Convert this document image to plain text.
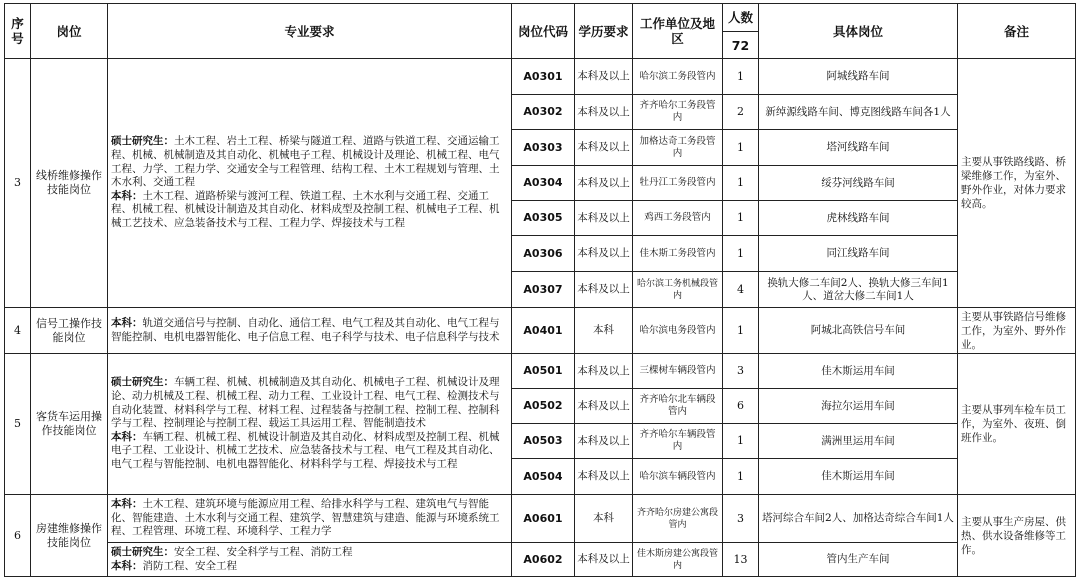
序号	岗位	专业要求	岗位代码	学历要求	工作单位及地区	人数	具体岗位	备注
						72		
3	线桥维修操作技能岗位	硕士研究生：土木工程、岩土工程、桥梁与隧道工程、道路与铁道工程、交通运输工程、机械、机械制造及其自动化、机械电子工程、机械设计及理论、机械工程、电气工程、力学、工程力学、交通安全与工程管理、结构工程、土木工程规划与管理、土木水利、交通工程
本科：土木工程、道路桥梁与渡河工程、铁道工程、土木水利与交通工程、交通工程、机械工程、机械设计制造及其自动化、材料成型及控制工程、机械电子工程、机械工艺技术、应急装备技术与工程、工程力学、焊接技术与工程	A0301	本科及以上	哈尔滨工务段管内	1	阿城线路车间	主要从事铁路线路、桥梁维修工作，为室外、野外作业，对体力要求较高。
			A0302	本科及以上	齐齐哈尔工务段管内	2	新绰源线路车间、博克图线路车间各1人	
			A0303	本科及以上	加格达奇工务段管内	1	塔河线路车间	
			A0304	本科及以上	牡丹江工务段管内	1	绥芬河线路车间	
			A0305	本科及以上	鸡西工务段管内	1	虎林线路车间	
			A0306	本科及以上	佳木斯工务段管内	1	同江线路车间	
			A0307	本科及以上	哈尔滨工务机械段管内	4	换轨大修二车间2人、换轨大修三车间1人、道岔大修二车间1人	
4	信号工操作技能岗位	本科：轨道交通信号与控制、自动化、通信工程、电气工程及其自动化、电气工程与智能控制、电机电器智能化、电子信息工程、电子科学与技术、电子信息科学与技术	A0401	本科	哈尔滨电务段管内	1	阿城北高铁信号车间	主要从事铁路信号维修工作，为室外、野外作业。
5	客货车运用操作技能岗位	硕士研究生：车辆工程、机械、机械制造及其自动化、机械电子工程、机械设计及理论、动力机械及工程、机械工程、动力工程、工业设计工程、电气工程、检测技术与自动化装置、材料科学与工程、材料工程、过程装备与控制工程、控制工程、控制科学与工程、控制理论与控制工程、载运工具运用工程、智能制造技术
本科：车辆工程、机械工程、机械设计制造及其自动化、材料成型及控制工程、机械电子工程、工业设计、机械工艺技术、应急装备技术与工程、电气工程及其自动化、电气工程与智能控制、电机电器智能化、材料科学与工程、焊接技术与工程	A0501	本科及以上	三棵树车辆段管内	3	佳木斯运用车间	主要从事列车检车员工作，为室外、夜班、倒班作业。
			A0502	本科及以上	齐齐哈尔北车辆段管内	6	海拉尔运用车间	
			A0503	本科及以上	齐齐哈尔车辆段管内	1	满洲里运用车间	
			A0504	本科及以上	哈尔滨车辆段管内	1	佳木斯运用车间	
6	房建维修操作技能岗位	本科：土木工程、建筑环境与能源应用工程、给排水科学与工程、建筑电气与智能化、智能建造、土木水利与交通工程、建筑学、智慧建筑与建造、能源与环境系统工程、工程管理、环境工程、环境科学、工程力学	A0601	本科	齐齐哈尔房建公寓段管内	3	塔河综合车间2人、加格达奇综合车间1人	主要从事生产房屋、供热、供水设备维修等工作。
		硕士研究生：安全工程、安全科学与工程、消防工程
本科：消防工程、安全工程	A0602	本科及以上	佳木斯房建公寓段管内	13	管内生产车间	
